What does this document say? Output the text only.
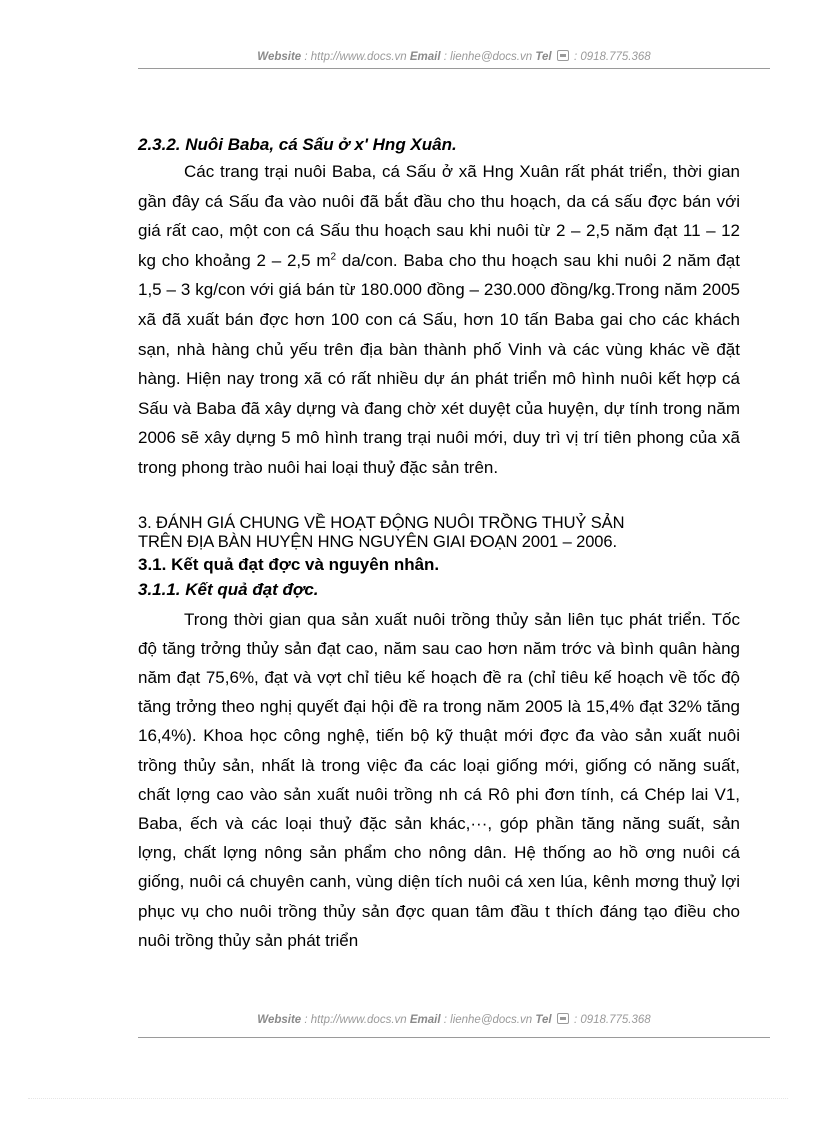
Website : http://www.docs.vn Email : lienhe@docs.vn Tel : 0918.775.368

2.3.2. Nuôi Baba, cá Sấu ở x' Hng Xuân.

Các trang trại nuôi Baba, cá Sấu ở xã Hng Xuân rất phát triển, thời gian gần đây cá Sấu đa vào nuôi đã bắt đầu cho thu hoạch, da cá sấu đợc bán với giá rất cao, một con cá Sấu thu hoạch sau khi nuôi từ 2 – 2,5 năm đạt 11 – 12 kg cho khoảng 2 – 2,5 $m^2$ da/con. Baba cho thu hoạch sau khi nuôi 2 năm đạt 1,5 – 3 kg/con với giá bán từ 180.000 đồng – 230.000 đồng/kg.Trong năm 2005 xã đã xuất bán đợc hơn 100 con cá Sấu, hơn 10 tấn Baba gai cho các khách sạn, nhà hàng chủ yếu trên địa bàn thành phố Vinh và các vùng khác về đặt hàng. Hiện nay trong xã có rất nhiều dự án phát triển mô hình nuôi kết hợp cá Sấu và Baba đã xây dựng và đang chờ xét duyệt của huyện, dự tính trong năm 2006 sẽ xây dựng 5 mô hình trang trại nuôi mới, duy trì vị trí tiên phong của xã trong phong trào nuôi hai loại thuỷ đặc sản trên.

3. ĐÁNH GIÁ CHUNG VỀ HOẠT ĐỘNG NUÔI TRỒNG THUỶ SẢN

TRÊN ĐỊA BÀN HUYỆN HNG NGUYÊN GIAI ĐOẠN 2001 – 2006.

3.1. Kết quả đạt đợc và nguyên nhân.

3.1.1. Kết quả đạt đợc.

Trong thời gian qua sản xuất nuôi trồng thủy sản liên tục phát triển. Tốc độ tăng trởng thủy sản đạt cao, năm sau cao hơn năm trớc và bình quân hàng năm đạt 75,6%, đạt và vợt chỉ tiêu kế hoạch đề ra (chỉ tiêu kế hoạch về tốc độ tăng trởng theo nghị quyết đại hội đề ra trong năm 2005 là 15,4% đạt 32% tăng 16,4%). Khoa học công nghệ, tiến bộ kỹ thuật mới đợc đa vào sản xuất nuôi trồng thủy sản, nhất là trong việc đa các loại giống mới, giống có năng suất, chất lợng cao vào sản xuất nuôi trồng nh cá Rô phi đơn tính, cá Chép lai V1, Baba, ếch và các loại thuỷ đặc sản khác,···, góp phần tăng năng suất, sản lợng, chất lợng nông sản phẩm cho nông dân. Hệ thống ao hồ ơng nuôi cá giống, nuôi cá chuyên canh, vùng diện tích nuôi cá xen lúa, kênh mơng thuỷ lợi phục vụ cho nuôi trồng thủy sản đợc quan tâm đầu t thích đáng tạo điều cho nuôi trồng thủy sản phát triển

Website : http://www.docs.vn Email : lienhe@docs.vn Tel : 0918.775.368
